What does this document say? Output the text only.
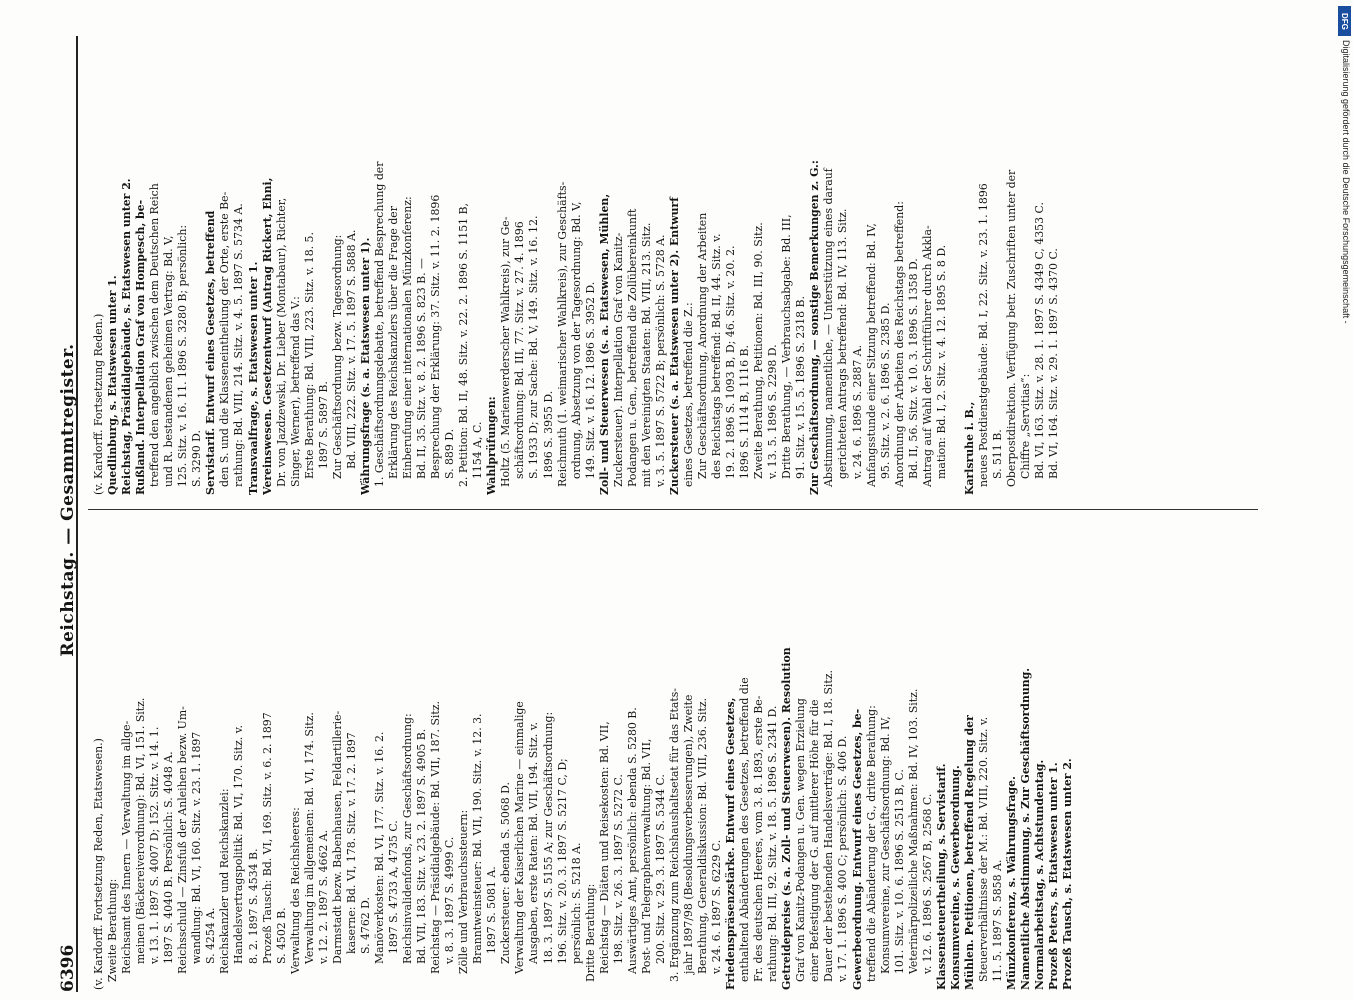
6396
Reichstag. — Gesammtregister.
(v. Kardorff. Fortsetzung Reden, Etatswesen.) Zweite Berathung: Reichsamt des Innern — Verwaltung im allge- meinen (Bäckereiverordnung): Bd. VI, 151. Sitz. v. 13. 1. 1897 S. 4007 D; 152. Sitz. v. 14. 1. 1897 S. 4040 B. Persönlich: S. 4048 A. Reichsschuld — Zinsfuß der Anleihen bezw. Um- wandlung: Bd. VI, 160. Sitz. v. 23. 1. 1897 S. 4254 A. Reichskanzler und Reichskanzlei: Handelsvertragspolitik: Bd. VI, 170. Sitz. v. 8. 2. 1897 S. 4534 B. Prozeß Tausch: Bd. VI, 169. Sitz. v. 6. 2. 1897 S. 4502 B. Verwaltung des Reichsheeres: Verwaltung im allgemeinen: Bd. VI, 174. Sitz. v. 12. 2. 1897 S. 4662 A. Darmstadt bezw. Babenhausen, Feldartillerie- kaserne: Bd. VI, 178. Sitz. v. 17. 2. 1897 S. 4762 D. Manöverkosten: Bd. VI, 177. Sitz. v. 16. 2. 1897 S. 4733 A, 4735 C. Reichsinvalidenfonds, zur Geschäftsordnung: Bd. VII, 183. Sitz. v. 23. 2. 1897 S. 4905 B. Reichstag — Präsidialgebäude: Bd. VII, 187. Sitz. v. 8. 3. 1897 S. 4999 C. Zölle und Verbrauchssteuern: Branntweinsteuer: Bd. VII, 190. Sitz. v. 12. 3. 1897 S. 5081 A. Zuckersteuer: ebenda S. 5068 D. Verwaltung der Kaiserlichen Marine — einmalige Ausgaben, erste Raten: Bd. VII, 194. Sitz. v. 18. 3. 1897 S. 5155 A; zur Geschäftsordnung: 196. Sitz. v. 20. 3. 1897 S. 5217 C, D; persönlich: S. 5218 A. Dritte Berathung: Reichstag — Diäten und Reisekosten: Bd. VII, 198. Sitz. v. 26. 3. 1897 S. 5272 C. Auswärtiges Amt, persönlich: ebenda S. 5280 B. Post- und Telegraphenverwaltung: Bd. VII, 200. Sitz. v. 29. 3. 1897 S. 5344 C. 3. Ergänzung zum Reichshaushaltsetat für das Etats- jahr 1897/98 (Besoldungsverbesserungen), Zweite Berathung, Generaldiskussion: Bd. VIII, 236. Sitz. v. 24. 6. 1897 S. 6229 C. Friedenspräsenzstärke. Entwurf eines Gesetzes, enthaltend Abänderungen des Gesetzes, betreffend die Fr. des deutschen Heeres, vom 3. 8. 1893, erste Be- rathung: Bd. III, 92. Sitz. v. 18. 5. 1896 S. 2341 D. Getreidepreise (s. a. Zoll- und Steuerwesen). Resolution Graf von Kanitz-Podangen u. Gen. wegen Erzielung einer Befestigung der G. auf mittlerer Höhe für die Dauer der bestehenden Handelsverträge: Bd. I, 18. Sitz. v. 17. 1. 1896 S. 400 C; persönlich: S. 406 D. Gewerbeordnung. Entwurf eines Gesetzes, be- treffend die Abänderung der G., dritte Berathung: Konsumvereine, zur Geschäftsordnung: Bd. IV, 101. Sitz. v. 10. 6. 1896 S. 2513 B, C. Veterinärpolizeiliche Maßnahmen: Bd. IV, 103. Sitz. v. 12. 6. 1896 S. 2567 B, 2568 C. Klassensteuertheilung, s. Servistarif. Konsumvereine, s. Gewerbeordnung. Mühlen. Petitionen, betreffend Regelung der Steuerverhältnisse der M.: Bd. VIII, 220. Sitz. v. 11. 5. 1897 S. 5858 A. Münzkonferenz, s. Währungsfrage. Namentliche Abstimmung, s. Zur Geschäftsordnung. Normalarbeitstag, s. Achtstundentag. Prozeß Peters, s. Etatswesen unter 1. Prozeß Tausch, s. Etatswesen unter 2.
(v. Kardorff. Fortsetzung Reden.) Quedlinburg, s. Etatswesen unter 1. Reichstag, Präsidialgebäude, s. Etatswesen unter 2. Rußland. Interpellation Graf von Hompesch, be- treffend den angeblich zwischen dem Deutschen Reich und R. bestandenen geheimen Vertrag: Bd. V, 125. Sitz. v. 16. 11. 1896 S. 3280 B; persönlich: S. 3290 D. Servistarif. Entwurf eines Gesetzes, betreffend den S. und die Klasseneintheilung der Orte, erste Be- rathung: Bd. VIII, 214. Sitz. v. 4. 5. 1897 S. 5734 A. Transvaalfrage, s. Etatswesen unter 1. Vereinswesen. Gesetzentwurf (Antrag Rickert, Ehni, Dr. von Jazdzewski, Dr. Lieber (Montabaur), Richter, Singer, Werner), betreffend das V.: Erste Berathung: Bd. VIII, 223. Sitz. v. 18. 5. 1897 S. 5897 B. Zur Geschäftsordnung bezw. Tagesordnung: Bd. VIII, 222. Sitz. v. 17. 5. 1897 S. 5888 A. Währungsfrage (s. a. Etatswesen unter 1). 1. Geschäftsordnungsdebatte, betreffend Besprechung der Erklärung des Reichskanzlers über die Frage der Einberufung einer internationalen Münzkonferenz: Bd. II, 35. Sitz. v. 8. 2. 1896 S. 823 B. — Besprechung der Erklärung: 37. Sitz. v. 11. 2. 1896 S. 889 D. 2. Petition: Bd. II, 48. Sitz. v. 22. 2. 1896 S. 1151 B, 1154 A, C. Wahlprüfungen: Holtz (5. Marienwerderscher Wahlkreis), zur Ge- schäftsordnung: Bd. III, 77. Sitz. v. 27. 4. 1896 S. 1933 D; zur Sache: Bd. V, 149. Sitz. v. 16. 12. 1896 S. 3955 D. Reichmuth (1. weimarischer Wahlkreis), zur Geschäfts- ordnung, Absetzung von der Tagesordnung: Bd. V, 149. Sitz. v. 16. 12. 1896 S. 3952 D. Zoll- und Steuerwesen (s. a. Etatswesen, Mühlen, Zuckersteuer). Interpellation Graf von Kanitz- Podangen u. Gen., betreffend die Zollübereinkunft mit den Vereinigten Staaten: Bd. VIII, 213. Sitz. v. 3. 5. 1897 S. 5722 B; persönlich: S. 5728 A. Zuckersteuer (s. a. Etatswesen unter 2). Entwurf eines Gesetzes, betreffend die Z.: Zur Geschäftsordnung, Anordnung der Arbeiten des Reichstags betreffend: Bd. II, 44. Sitz. v. 19. 2. 1896 S. 1093 B, D; 46. Sitz. v. 20. 2. 1896 S. 1114 B, 1116 B. Zweite Berathung, Petitionen: Bd. III, 90. Sitz. v. 13. 5. 1896 S. 2298 D. Dritte Berathung, — Verbrauchsabgabe: Bd. III, 91. Sitz. v. 15. 5. 1896 S. 2318 B. Zur Geschäftsordnung, — sonstige Bemerkungen z. G.: Abstimmung, namentliche, — Unterstützung eines darauf gerichteten Antrags betreffend: Bd. IV, 113. Sitz. v. 24. 6. 1896 S. 2887 A. Anfangsstunde einer Sitzung betreffend: Bd. IV, 95. Sitz. v. 2. 6. 1896 S. 2385 D. Anordnung der Arbeiten des Reichstags betreffend: Bd. II, 56. Sitz. v. 10. 3. 1896 S. 1358 D. Antrag auf Wahl der Schriftführer durch Akkla- mation: Bd. I, 2. Sitz. v. 4. 12. 1895 S. 8 D.
Karlsruhe i. B., neues Postdienstgebäude: Bd. I, 22. Sitz. v. 23. 1. 1896 S. 511 B. Oberpostdirektion. Verfügung betr. Zuschriften unter der Chiffre „Servitias“: Bd. VI, 163. Sitz. v. 28. 1. 1897 S. 4349 C, 4353 C. Bd. VI, 164. Sitz. v. 29. 1. 1897 S. 4370 C.
DFG
Digitalisierung gefördert durch die Deutsche Forschungsgemeinschaft -
